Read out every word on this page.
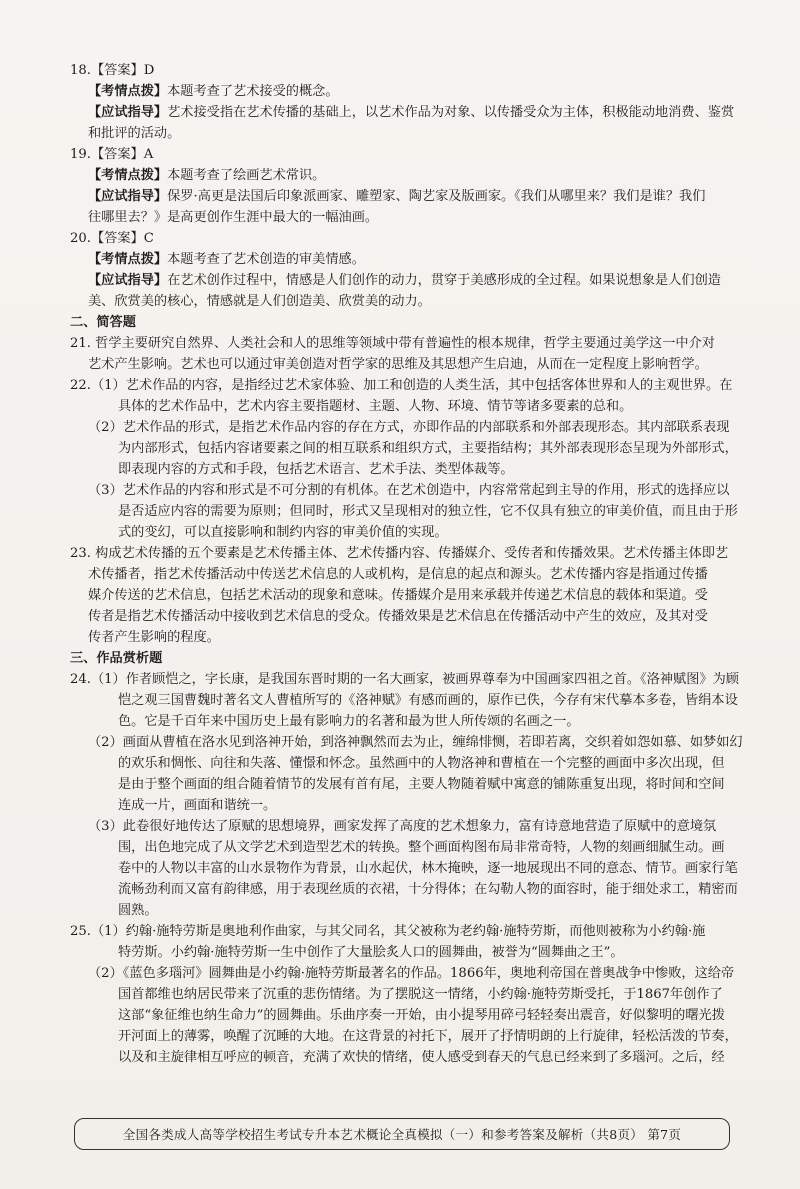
18.【答案】D
【考情点拨】本题考查了艺术接受的概念。
【应试指导】艺术接受指在艺术传播的基础上，以艺术作品为对象、以传播受众为主体，积极能动地消费、鉴赏
和批评的活动。
19.【答案】A
【考情点拨】本题考查了绘画艺术常识。
【应试指导】保罗·高更是法国后印象派画家、雕塑家、陶艺家及版画家。《我们从哪里来？我们是谁？我们
往哪里去？》是高更创作生涯中最大的一幅油画。
20.【答案】C
【考情点拨】本题考查了艺术创造的审美情感。
【应试指导】在艺术创作过程中，情感是人们创作的动力，贯穿于美感形成的全过程。如果说想象是人们创造
美、欣赏美的核心，情感就是人们创造美、欣赏美的动力。
二、简答题
21. 哲学主要研究自然界、人类社会和人的思维等领域中带有普遍性的根本规律，哲学主要通过美学这一中介对
艺术产生影响。艺术也可以通过审美创造对哲学家的思维及其思想产生启迪，从而在一定程度上影响哲学。
22.（1）艺术作品的内容，是指经过艺术家体验、加工和创造的人类生活，其中包括客体世界和人的主观世界。在
具体的艺术作品中，艺术内容主要指题材、主题、人物、环境、情节等诸多要素的总和。
（2）艺术作品的形式，是指艺术作品内容的存在方式，亦即作品的内部联系和外部表现形态。其内部联系表现
为内部形式，包括内容诸要素之间的相互联系和组织方式，主要指结构；其外部表现形态呈现为外部形式，
即表现内容的方式和手段，包括艺术语言、艺术手法、类型体裁等。
（3）艺术作品的内容和形式是不可分割的有机体。在艺术创造中，内容常常起到主导的作用，形式的选择应以
是否适应内容的需要为原则；但同时，形式又呈现相对的独立性，它不仅具有独立的审美价值，而且由于形
式的变幻，可以直接影响和制约内容的审美价值的实现。
23. 构成艺术传播的五个要素是艺术传播主体、艺术传播内容、传播媒介、受传者和传播效果。艺术传播主体即艺
术传播者，指艺术传播活动中传送艺术信息的人或机构，是信息的起点和源头。艺术传播内容是指通过传播
媒介传送的艺术信息，包括艺术活动的现象和意味。传播媒介是用来承载并传递艺术信息的载体和渠道。受
传者是指艺术传播活动中接收到艺术信息的受众。传播效果是艺术信息在传播活动中产生的效应，及其对受
传者产生影响的程度。
三、作品赏析题
24.（1）作者顾恺之，字长康，是我国东晋时期的一名大画家，被画界尊奉为中国画家四祖之首。《洛神赋图》为顾
恺之观三国曹魏时著名文人曹植所写的《洛神赋》有感而画的，原作已佚，今存有宋代摹本多卷，皆绢本设
色。它是千百年来中国历史上最有影响力的名著和最为世人所传颂的名画之一。
（2）画面从曹植在洛水见到洛神开始，到洛神飘然而去为止，缠绵悱恻，若即若离，交织着如怨如慕、如梦如幻
的欢乐和惆怅、向往和失落、懂憬和怀念。虽然画中的人物洛神和曹植在一个完整的画面中多次出现，但
是由于整个画面的组合随着情节的发展有首有尾，主要人物随着赋中寓意的铺陈重复出现，将时间和空间
连成一片，画面和谐统一。
（3）此卷很好地传达了原赋的思想境界，画家发挥了高度的艺术想象力，富有诗意地营造了原赋中的意境氛
围，出色地完成了从文学艺术到造型艺术的转换。整个画面构图布局非常奇特，人物的刻画细腻生动。画
卷中的人物以丰富的山水景物作为背景，山水起伏，林木掩映，逐一地展现出不同的意态、情节。画家行笔
流畅劲利而又富有韵律感，用于表现丝质的衣裙，十分得体；在勾勒人物的面容时，能于细处求工，精密而
圆熟。
25.（1）约翰·施特劳斯是奥地利作曲家，与其父同名，其父被称为老约翰·施特劳斯，而他则被称为小约翰·施
特劳斯。小约翰·施特劳斯一生中创作了大量脍炙人口的圆舞曲，被誉为“圆舞曲之王”。
（2）《蓝色多瑙河》圆舞曲是小约翰·施特劳斯最著名的作品。1866年，奥地利帝国在普奥战争中惨败，这给帝
国首都维也纳居民带来了沉重的悲伤情绪。为了摆脱这一情绪，小约翰·施特劳斯受托，于1867年创作了
这部“象征维也纳生命力”的圆舞曲。乐曲序奏一开始，由小提琴用碎弓轻轻奏出震音，好似黎明的曙光拨
开河面上的薄雾，唤醒了沉睡的大地。在这背景的衬托下，展开了抒情明朗的上行旋律，轻松活泼的节奏，
以及和主旋律相互呼应的顿音，充满了欢快的情绪，使人感受到春天的气息已经来到了多瑙河。之后，经
全国各类成人高等学校招生考试专升本艺术概论全真模拟（一）和参考答案及解析（共8页） 第7页
